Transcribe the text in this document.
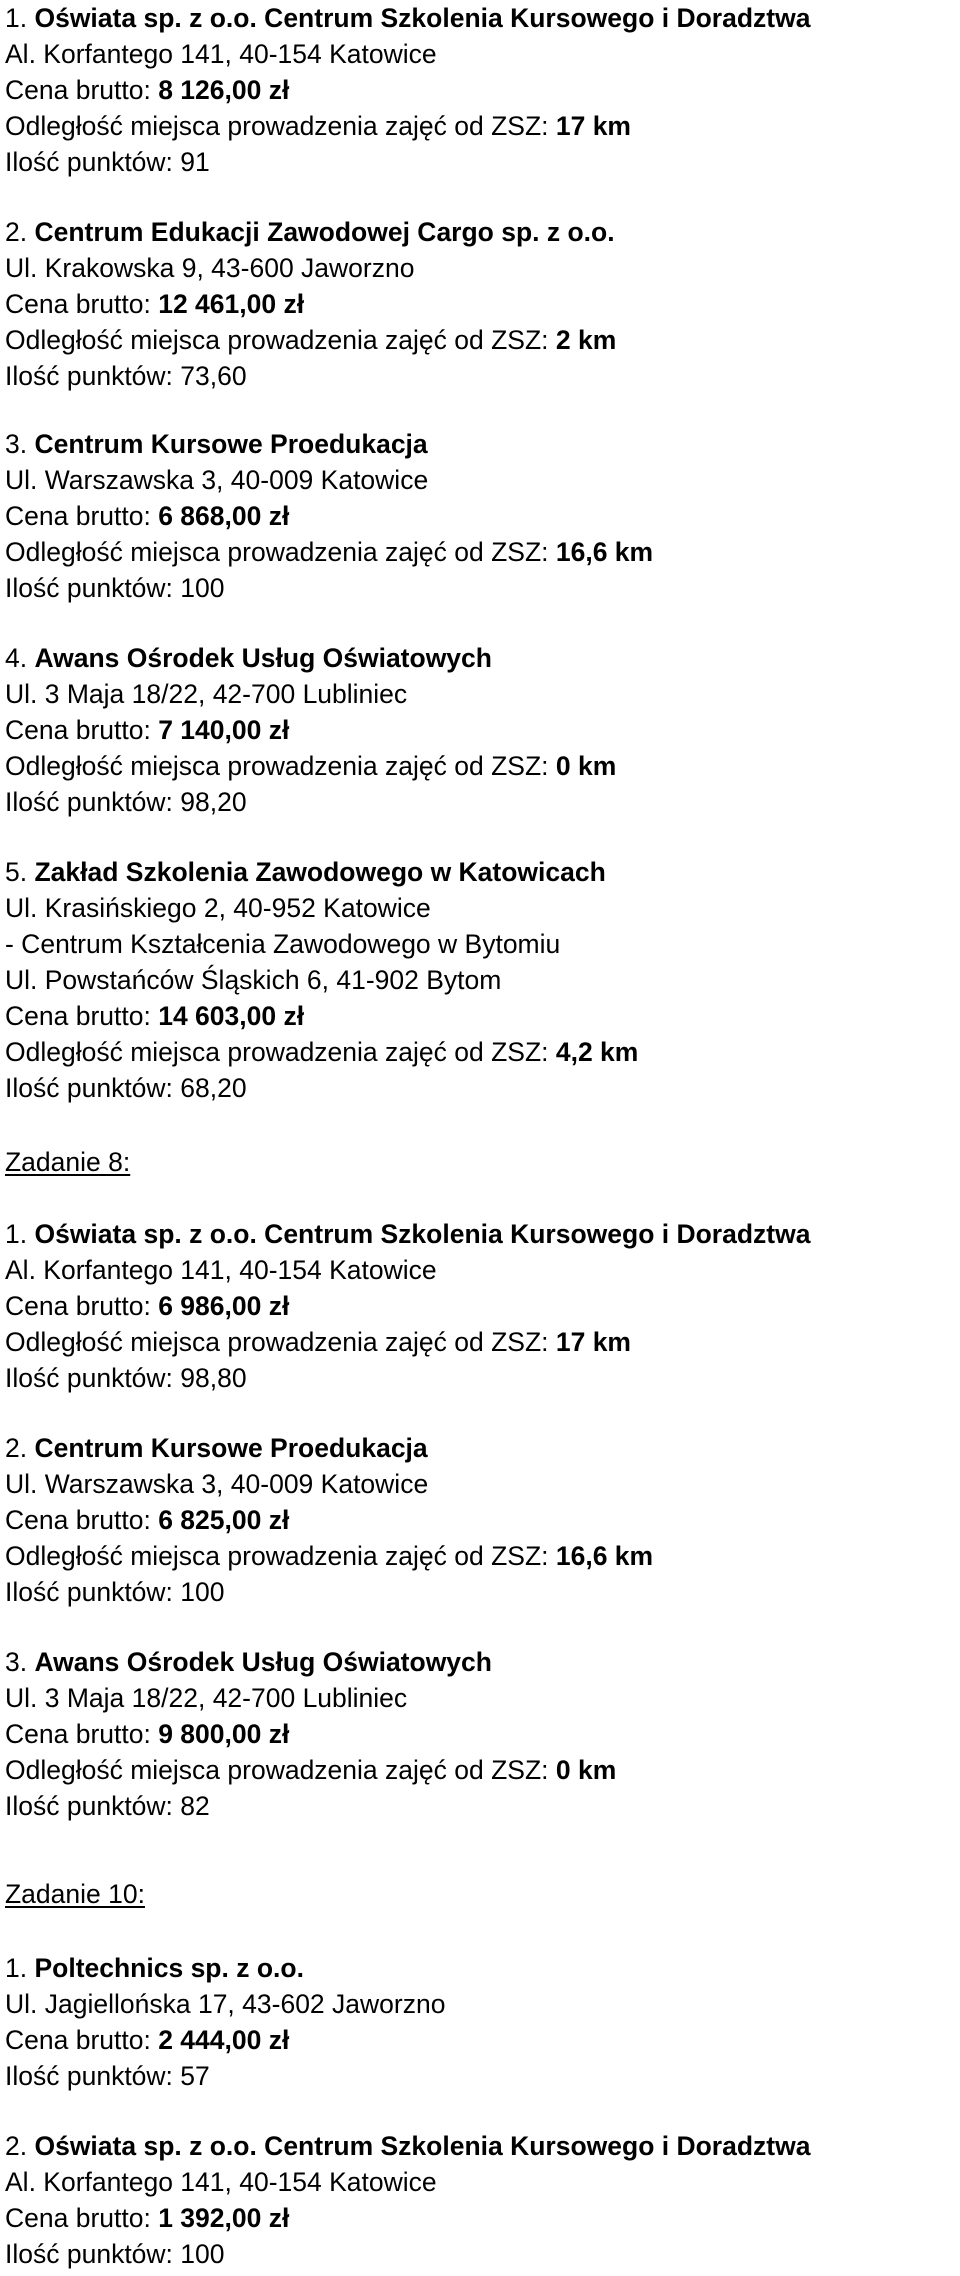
1. Oświata sp. z o.o. Centrum Szkolenia Kursowego i Doradztwa
Al. Korfantego 141, 40-154 Katowice
Cena brutto: 8 126,00 zł
Odległość miejsca prowadzenia zajęć od ZSZ: 17 km
Ilość punktów: 91
2. Centrum Edukacji Zawodowej Cargo sp. z o.o.
Ul. Krakowska 9, 43-600 Jaworzno
Cena brutto: 12 461,00 zł
Odległość miejsca prowadzenia zajęć od ZSZ: 2 km
Ilość punktów: 73,60
3. Centrum Kursowe Proedukacja
Ul. Warszawska 3, 40-009 Katowice
Cena brutto: 6 868,00 zł
Odległość miejsca prowadzenia zajęć od ZSZ: 16,6 km
Ilość punktów: 100
4. Awans Ośrodek Usług Oświatowych
Ul. 3 Maja 18/22, 42-700 Lubliniec
Cena brutto: 7 140,00 zł
Odległość miejsca prowadzenia zajęć od ZSZ: 0 km
Ilość punktów: 98,20
5. Zakład Szkolenia Zawodowego w Katowicach
Ul. Krasińskiego 2, 40-952 Katowice
- Centrum Kształcenia Zawodowego w Bytomiu
Ul. Powstańców Śląskich 6, 41-902 Bytom
Cena brutto: 14 603,00 zł
Odległość miejsca prowadzenia zajęć od ZSZ: 4,2 km
Ilość punktów: 68,20
Zadanie 8:
1. Oświata sp. z o.o. Centrum Szkolenia Kursowego i Doradztwa
Al. Korfantego 141, 40-154 Katowice
Cena brutto: 6 986,00 zł
Odległość miejsca prowadzenia zajęć od ZSZ: 17 km
Ilość punktów: 98,80
2. Centrum Kursowe Proedukacja
Ul. Warszawska 3, 40-009 Katowice
Cena brutto: 6 825,00 zł
Odległość miejsca prowadzenia zajęć od ZSZ: 16,6 km
Ilość punktów: 100
3. Awans Ośrodek Usług Oświatowych
Ul. 3 Maja 18/22, 42-700 Lubliniec
Cena brutto: 9 800,00 zł
Odległość miejsca prowadzenia zajęć od ZSZ: 0 km
Ilość punktów: 82
Zadanie 10:
1. Poltechnics sp. z o.o.
Ul. Jagiellońska 17, 43-602 Jaworzno
Cena brutto: 2 444,00 zł
Ilość punktów: 57
2. Oświata sp. z o.o. Centrum Szkolenia Kursowego i Doradztwa
Al. Korfantego 141, 40-154 Katowice
Cena brutto: 1 392,00 zł
Ilość punktów: 100
